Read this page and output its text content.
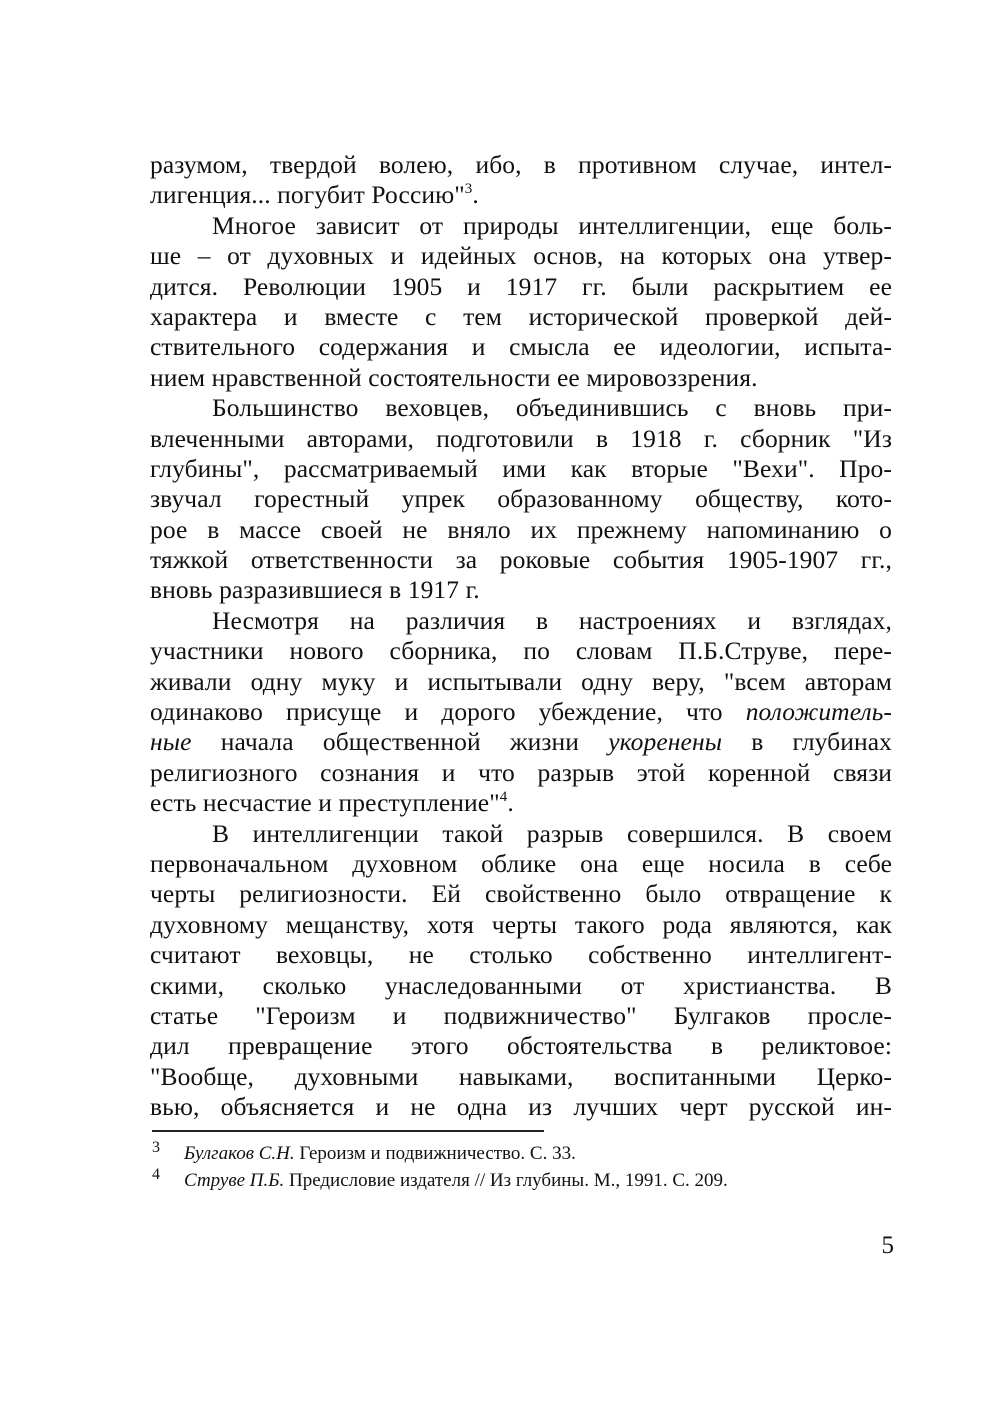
разумом, твердой волею, ибо, в противном случае, интел-
лигенция... погубит Россию"$^3$.
Многое зависит от природы интеллигенции, еще боль-
ше – от духовных и идейных основ, на которых она утвер-
дится. Революции 1905 и 1917 гг. были раскрытием ее
характера и вместе с тем исторической проверкой дей-
ствительного содержания и смысла ее идеологии, испыта-
нием нравственной состоятельности ее мировоззрения.
Большинство веховцев, объединившись с вновь при-
влеченными авторами, подготовили в 1918 г. сборник "Из
глубины", рассматриваемый ими как вторые "Вехи". Про-
звучал горестный упрек образованному обществу, кото-
рое в массе своей не вняло их прежнему напоминанию о
тяжкой ответственности за роковые события 1905-1907 гг.,
вновь разразившиеся в 1917 г.
Несмотря на различия в настроениях и взглядах,
участники нового сборника, по словам П.Б.Струве, пере-
живали одну муку и испытывали одну веру, "всем авторам
одинаково присуще и дорого убеждение, что положитель-
ные начала общественной жизни укоренены в глубинах
религиозного сознания и что разрыв этой коренной связи
есть несчастие и преступление"$^4$.
В интеллигенции такой разрыв совершился. В своем
первоначальном духовном облике она еще носила в себе
черты религиозности. Ей свойственно было отвращение к
духовному мещанству, хотя черты такого рода являются, как
считают веховцы, не столько собственно интеллигент-
скими, сколько унаследованными от христианства. В
статье "Героизм и подвижничество" Булгаков просле-
дил превращение этого обстоятельства в реликтовое:
"Вообще, духовными навыками, воспитанными Церко-
вью, объясняется и не одна из лучших черт русской ин-
3 Булгаков С.Н. Героизм и подвижничество. С. 33.
4 Струве П.Б. Предисловие издателя // Из глубины. М., 1991. С. 209.
5
